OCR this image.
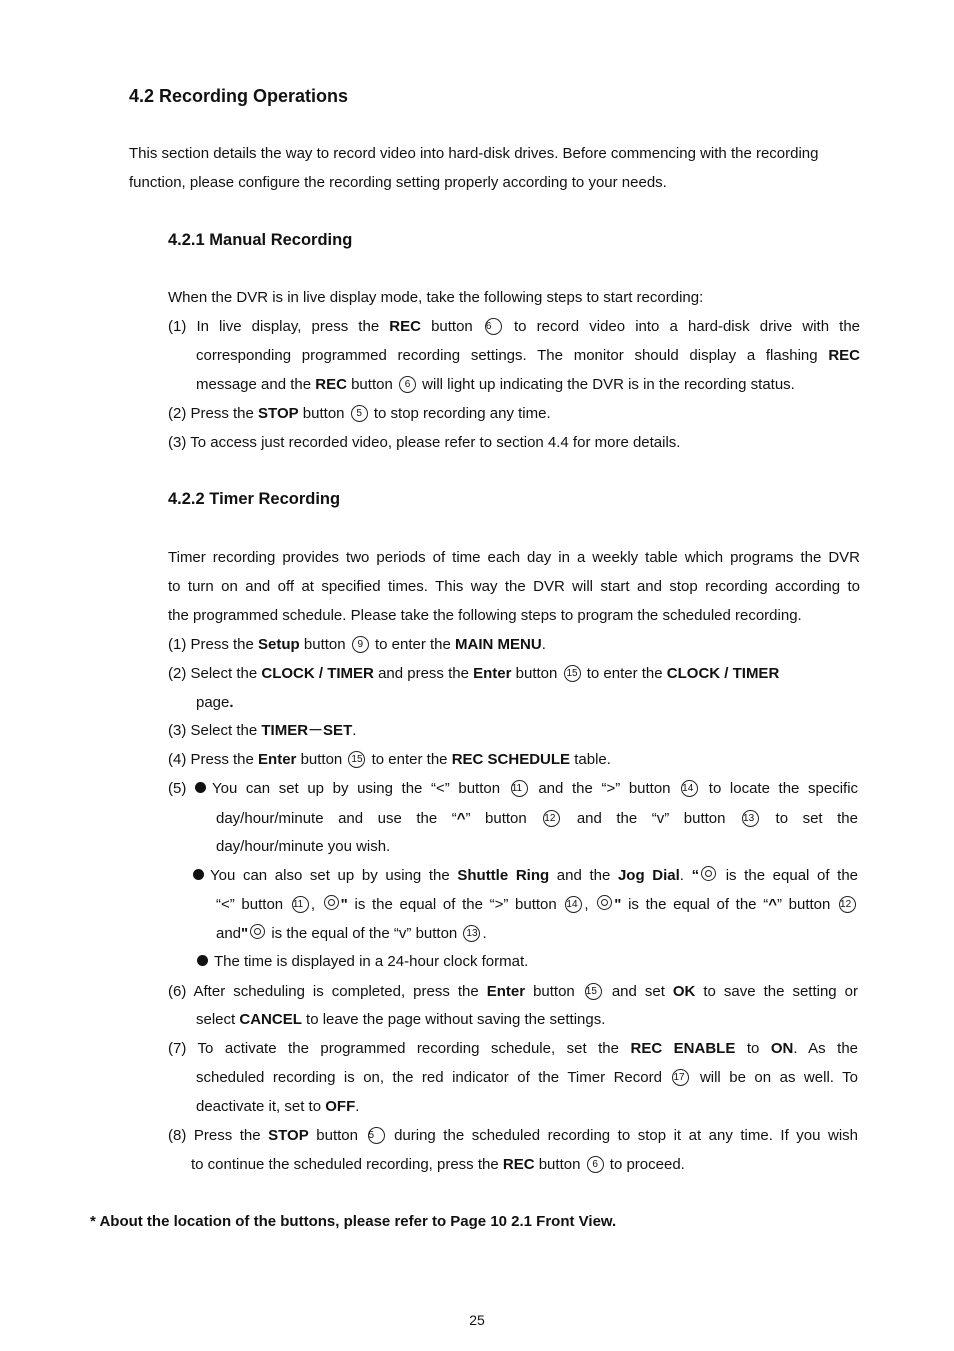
4.2 Recording Operations
This section details the way to record video into hard-disk drives. Before commencing with the recording
function, please configure the recording setting properly according to your needs.
4.2.1 Manual Recording
When the DVR is in live display mode, take the following steps to start recording:
(1) In live display, press the REC button 6 to record video into a hard-disk drive with the
corresponding programmed recording settings. The monitor should display a flashing REC
message and the REC button 6 will light up indicating the DVR is in the recording status.
(2) Press the STOP button 5 to stop recording any time.
(3) To access just recorded video, please refer to section 4.4 for more details.
4.2.2 Timer Recording
Timer recording provides two periods of time each day in a weekly table which programs the DVR
to turn on and off at specified times. This way the DVR will start and stop recording according to
the programmed schedule. Please take the following steps to program the scheduled recording.
(1) Press the Setup button 9 to enter the MAIN MENU.
(2) Select the CLOCK / TIMER and press the Enter button 15 to enter the CLOCK / TIMER
page.
(3) Select the TIMER－SET.
(4) Press the Enter button 15 to enter the REC SCHEDULE table.
(5) You can set up by using the “<” button 11 and the “>” button 14 to locate the specific
day/hour/minute and use the “^” button 12 and the “v” button 13 to set the
day/hour/minute you wish.
You can also set up by using the Shuttle Ring and the Jog Dial. “ is the equal of the
“<” button 11 , " is the equal of the “>” button 14 , " is the equal of the “^” button 12
and" is the equal of the “v” button 13 .
The time is displayed in a 24-hour clock format.
(6) After scheduling is completed, press the Enter button 15 and set OK to save the setting or
select CANCEL to leave the page without saving the settings.
(7) To activate the programmed recording schedule, set the REC ENABLE to ON. As the
scheduled recording is on, the red indicator of the Timer Record 17 will be on as well. To
deactivate it, set to OFF.
(8) Press the STOP button 5 during the scheduled recording to stop it at any time. If you wish
to continue the scheduled recording, press the REC button 6 to proceed.
* About the location of the buttons, please refer to Page 10 2.1 Front View.
25
